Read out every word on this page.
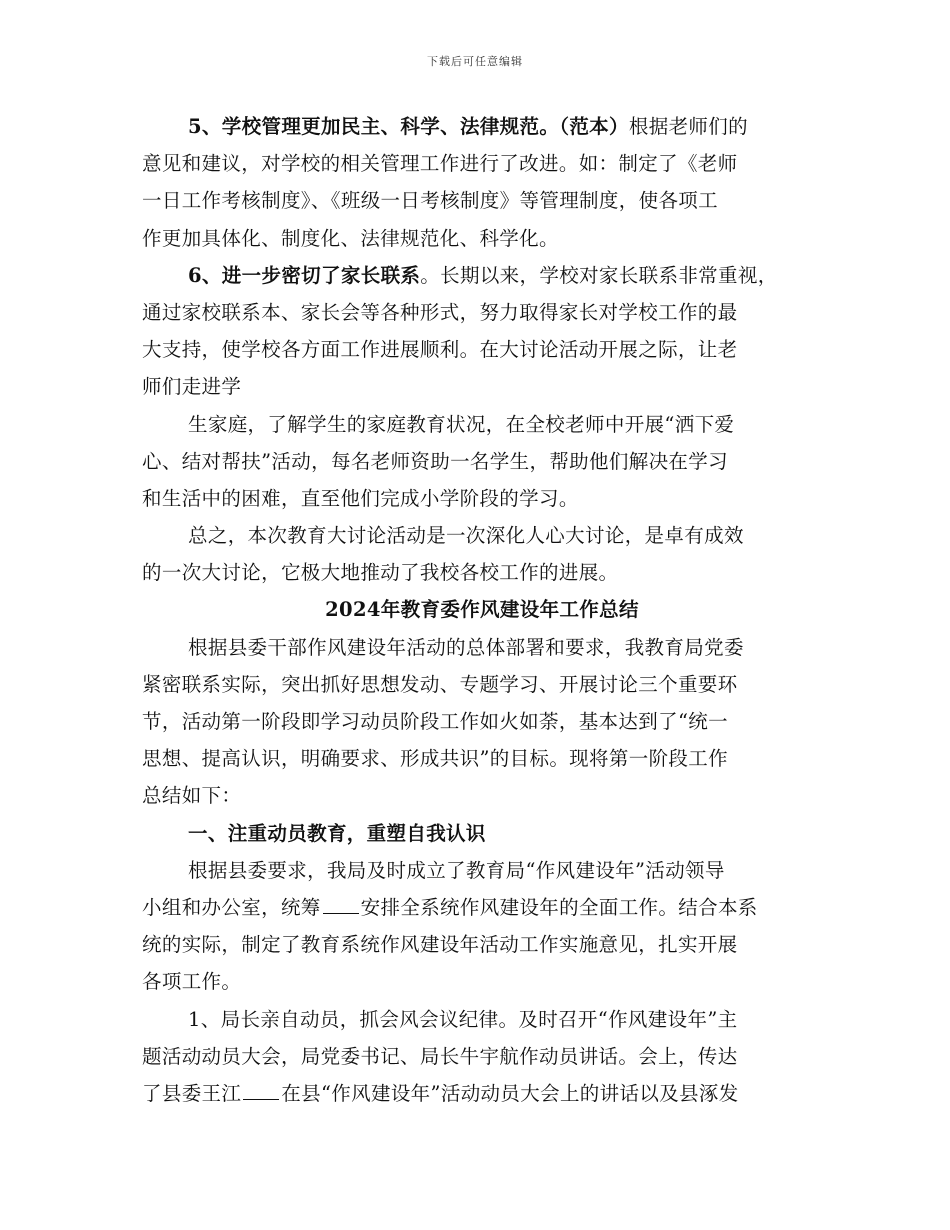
下载后可任意编辑
5、学校管理更加民主、科学、法律规范。（范本）根据老师们的
意见和建议，对学校的相关管理工作进行了改进。如：制定了《老师
一日工作考核制度》、《班级一日考核制度》等管理制度，使各项工
作更加具体化、制度化、法律规范化、科学化。
6、进一步密切了家长联系。长期以来，学校对家长联系非常重视，
通过家校联系本、家长会等各种形式，努力取得家长对学校工作的最
大支持，使学校各方面工作进展顺利。在大讨论活动开展之际，让老
师们走进学
生家庭，了解学生的家庭教育状况，在全校老师中开展“洒下爱
心、结对帮扶”活动，每名老师资助一名学生，帮助他们解决在学习
和生活中的困难，直至他们完成小学阶段的学习。
总之，本次教育大讨论活动是一次深化人心大讨论，是卓有成效
的一次大讨论，它极大地推动了我校各校工作的进展。
2024年教育委作风建设年工作总结
根据县委干部作风建设年活动的总体部署和要求，我教育局党委
紧密联系实际，突出抓好思想发动、专题学习、开展讨论三个重要环
节，活动第一阶段即学习动员阶段工作如火如荼，基本达到了“统一
思想、提高认识，明确要求、形成共识”的目标。现将第一阶段工作
总结如下：
一、注重动员教育，重塑自我认识
根据县委要求，我局及时成立了教育局“作风建设年”活动领导
小组和办公室，统筹 安排全系统作风建设年的全面工作。结合本系
统的实际，制定了教育系统作风建设年活动工作实施意见，扎实开展
各项工作。
1、局长亲自动员，抓会风会议纪律。及时召开“作风建设年”主
题活动动员大会，局党委书记、局长牛宇航作动员讲话。会上，传达
了县委王江 在县“作风建设年”活动动员大会上的讲话以及县涿发
